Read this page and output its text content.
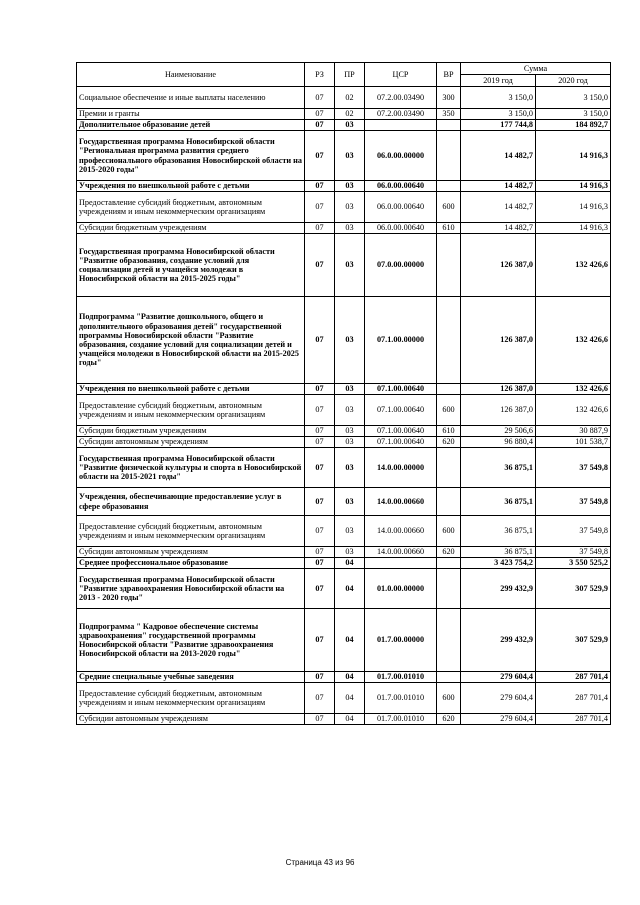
Наименование	РЗ	ПР	ЦСР	ВР	Сумма	
					2019 год	2020 год
Социальное обеспечение и иные выплаты населению	07	02	07.2.00.03490	300	3 150,0	3 150,0
Премии и гранты	07	02	07.2.00.03490	350	3 150,0	3 150,0
Дополнительное образование детей	07	03			177 744,8	184 892,7
Государственная программа Новосибирской области "Региональная программа развития среднего профессионального образования Новосибирской области на 2015-2020 годы"	07	03	06.0.00.00000		14 482,7	14 916,3
Учреждения по внешкольной работе с детьми	07	03	06.0.00.00640		14 482,7	14 916,3
Предоставление субсидий бюджетным, автономным учреждениям и иным некоммерческим организациям	07	03	06.0.00.00640	600	14 482,7	14 916,3
Субсидии бюджетным учреждениям	07	03	06.0.00.00640	610	14 482,7	14 916,3
Государственная программа Новосибирской области "Развитие образования, создание условий для социализации детей и учащейся молодежи в Новосибирской области на 2015-2025 годы"	07	03	07.0.00.00000		126 387,0	132 426,6
Подпрограмма "Развитие дошкольного, общего и дополнительного образования детей" государственной программы Новосибирской области "Развитие образования, создание условий для социализации детей и учащейся молодежи в Новосибирской области на 2015-2025 годы"	07	03	07.1.00.00000		126 387,0	132 426,6
Учреждения по внешкольной работе с детьми	07	03	07.1.00.00640		126 387,0	132 426,6
Предоставление субсидий бюджетным, автономным учреждениям и иным некоммерческим организациям	07	03	07.1.00.00640	600	126 387,0	132 426,6
Субсидии бюджетным учреждениям	07	03	07.1.00.00640	610	29 506,6	30 887,9
Субсидии автономным учреждениям	07	03	07.1.00.00640	620	96 880,4	101 538,7
Государственная программа Новосибирской области "Развитие физической культуры и спорта в Новосибирской области на 2015-2021 годы"	07	03	14.0.00.00000		36 875,1	37 549,8
Учреждения, обеспечивающие предоставление услуг в сфере образования	07	03	14.0.00.00660		36 875,1	37 549,8
Предоставление субсидий бюджетным, автономным учреждениям и иным некоммерческим организациям	07	03	14.0.00.00660	600	36 875,1	37 549,8
Субсидии автономным учреждениям	07	03	14.0.00.00660	620	36 875,1	37 549,8
Среднее профессиональное образование	07	04			3 423 754,2	3 550 525,2
Государственная программа Новосибирской области "Развитие здравоохранения Новосибирской области на 2013 - 2020 годы"	07	04	01.0.00.00000		299 432,9	307 529,9
Подпрограмма " Кадровое обеспечение системы здравоохранения" государственной программы Новосибирской области "Развитие здравоохранения Новосибирской области на 2013-2020 годы"	07	04	01.7.00.00000		299 432,9	307 529,9
Средние специальные учебные заведения	07	04	01.7.00.01010		279 604,4	287 701,4
Предоставление субсидий бюджетным, автономным учреждениям и иным некоммерческим организациям	07	04	01.7.00.01010	600	279 604,4	287 701,4
Субсидии автономным учреждениям	07	04	01.7.00.01010	620	279 604,4	287 701,4
Страница 43 из 96
